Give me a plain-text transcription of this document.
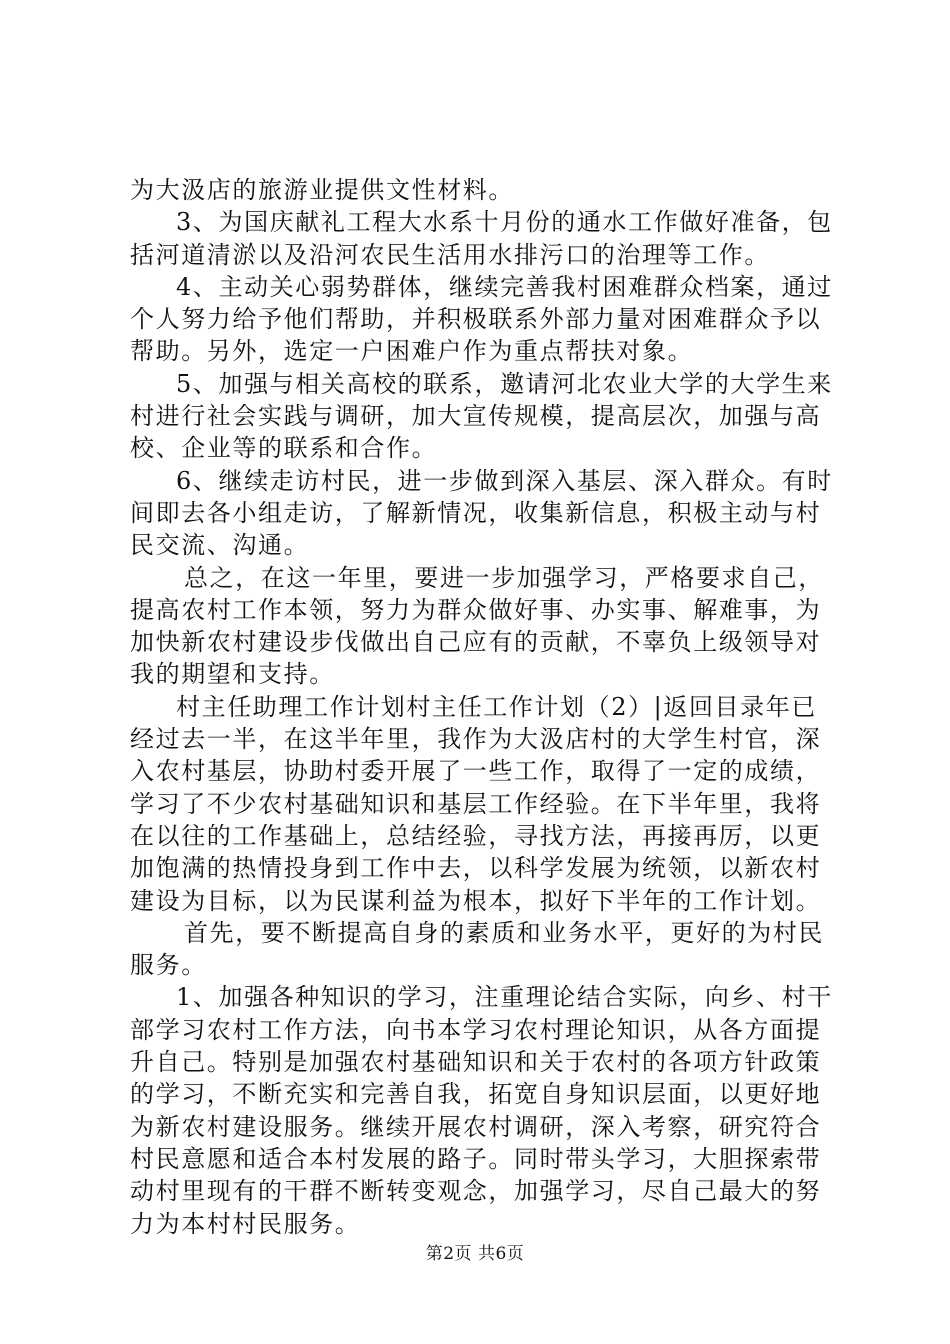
为大汲店的旅游业提供文性材料。
3、为国庆献礼工程大水系十月份的通水工作做好准备，包
括河道清淤以及沿河农民生活用水排污口的治理等工作。
4、主动关心弱势群体，继续完善我村困难群众档案，通过
个人努力给予他们帮助，并积极联系外部力量对困难群众予以
帮助。另外，选定一户困难户作为重点帮扶对象。
5、加强与相关高校的联系，邀请河北农业大学的大学生来
村进行社会实践与调研，加大宣传规模，提高层次，加强与高
校、企业等的联系和合作。
6、继续走访村民，进一步做到深入基层、深入群众。有时
间即去各小组走访，了解新情况，收集新信息，积极主动与村
民交流、沟通。
总之，在这一年里，要进一步加强学习，严格要求自己，
提高农村工作本领，努力为群众做好事、办实事、解难事，为
加快新农村建设步伐做出自己应有的贡献，不辜负上级领导对
我的期望和支持。
村主任助理工作计划村主任工作计划（2）|返回目录年已
经过去一半，在这半年里，我作为大汲店村的大学生村官，深
入农村基层，协助村委开展了一些工作，取得了一定的成绩，
学习了不少农村基础知识和基层工作经验。在下半年里，我将
在以往的工作基础上，总结经验，寻找方法，再接再厉，以更
加饱满的热情投身到工作中去，以科学发展为统领，以新农村
建设为目标，以为民谋利益为根本，拟好下半年的工作计划。
首先，要不断提高自身的素质和业务水平，更好的为村民
服务。
1、加强各种知识的学习，注重理论结合实际，向乡、村干
部学习农村工作方法，向书本学习农村理论知识，从各方面提
升自己。特别是加强农村基础知识和关于农村的各项方针政策
的学习，不断充实和完善自我，拓宽自身知识层面，以更好地
为新农村建设服务。继续开展农村调研，深入考察，研究符合
村民意愿和适合本村发展的路子。同时带头学习，大胆探索带
动村里现有的干群不断转变观念，加强学习，尽自己最大的努
力为本村村民服务。
第2页 共6页
